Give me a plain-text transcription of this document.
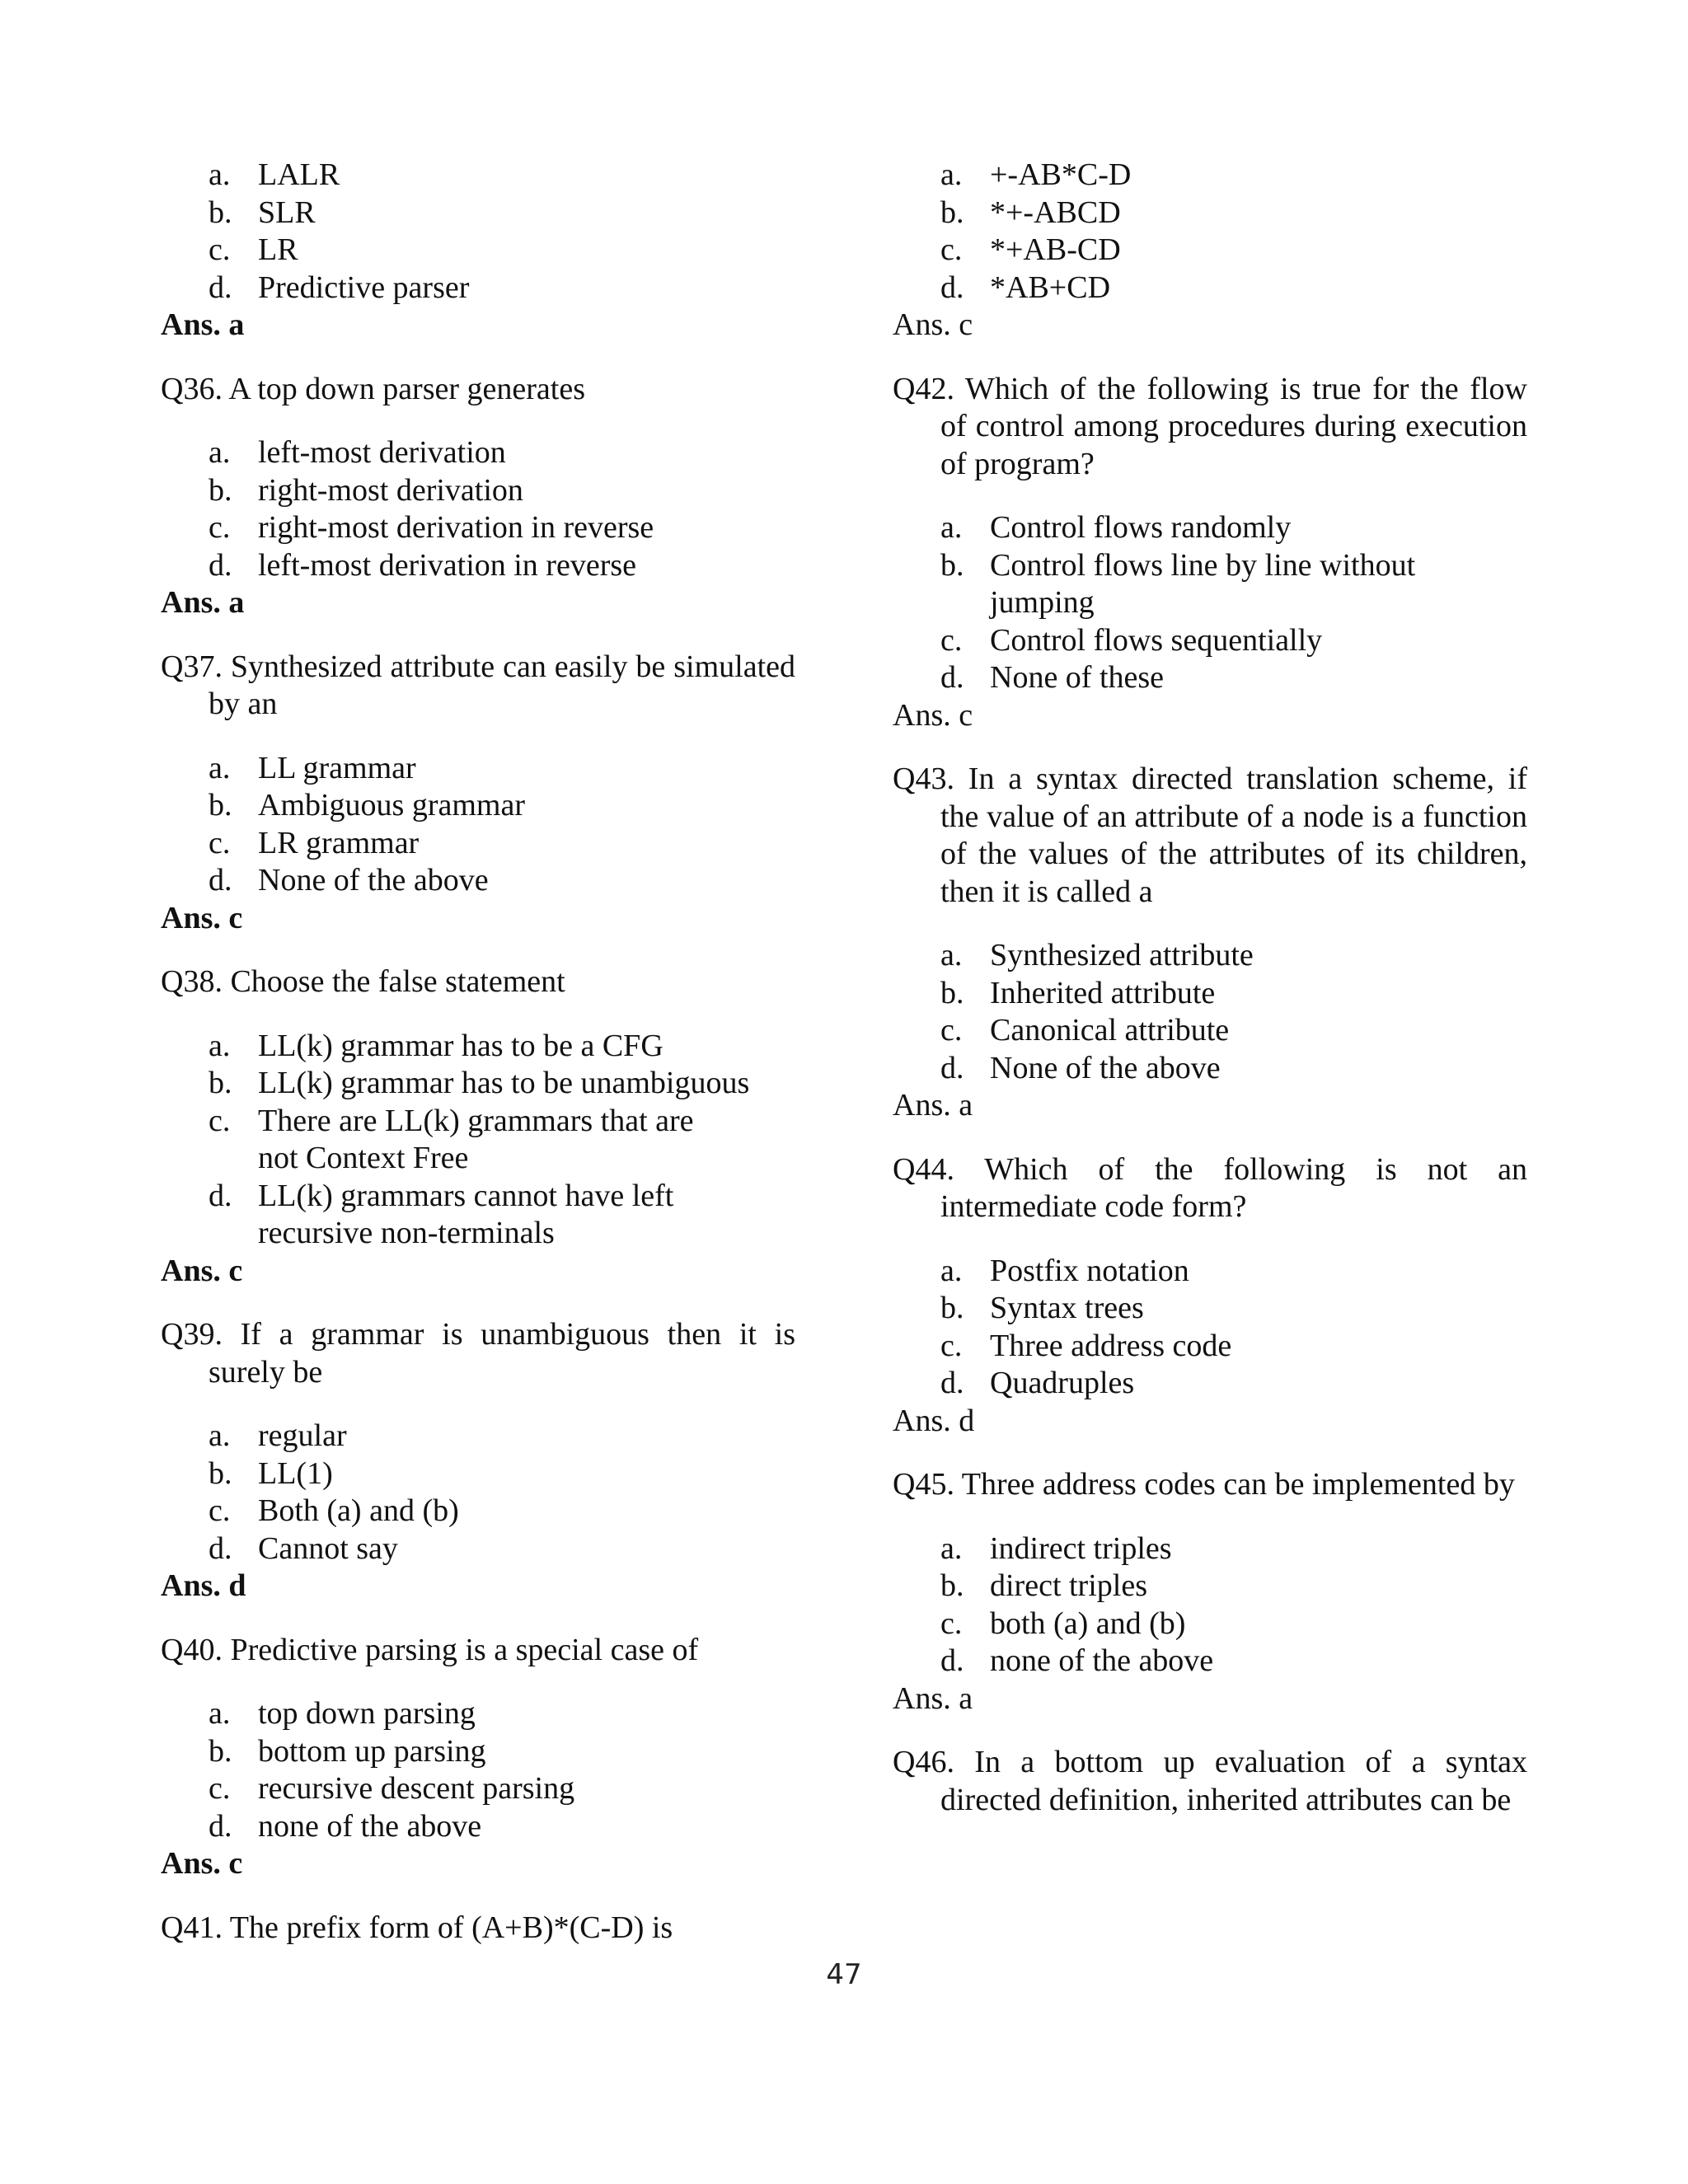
a. LALR
b. SLR
c. LR
d. Predictive parser
Ans. a
Q36. A top down parser generates
a. left-most derivation
b. right-most derivation
c. right-most derivation in reverse
d. left-most derivation in reverse
Ans. a
Q37. Synthesized attribute can easily be simulated by an
a. LL grammar
b. Ambiguous grammar
c. LR grammar
d. None of the above
Ans. c
Q38. Choose the false statement
a. LL(k) grammar has to be a CFG
b. LL(k) grammar has to be unambiguous
c. There are LL(k) grammars that are not Context Free
d. LL(k) grammars cannot have left recursive non-terminals
Ans. c
Q39. If a grammar is unambiguous then it is surely be
a. regular
b. LL(1)
c. Both (a) and (b)
d. Cannot say
Ans. d
Q40. Predictive parsing is a special case of
a. top down parsing
b. bottom up parsing
c. recursive descent parsing
d. none of the above
Ans. c
Q41. The prefix form of (A+B)*(C-D) is
a. +-AB*C-D
b. *+-ABCD
c. *+AB-CD
d. *AB+CD
Ans. c
Q42. Which of the following is true for the flow of control among procedures during execution of program?
a. Control flows randomly
b. Control flows line by line without jumping
c. Control flows sequentially
d. None of these
Ans. c
Q43. In a syntax directed translation scheme, if the value of an attribute of a node is a function of the values of the attributes of its children, then it is called a
a. Synthesized attribute
b. Inherited attribute
c. Canonical attribute
d. None of the above
Ans. a
Q44. Which of the following is not an intermediate code form?
a. Postfix notation
b. Syntax trees
c. Three address code
d. Quadruples
Ans. d
Q45. Three address codes can be implemented by
a. indirect triples
b. direct triples
c. both (a) and (b)
d. none of the above
Ans. a
Q46. In a bottom up evaluation of a syntax directed definition, inherited attributes can be
47
